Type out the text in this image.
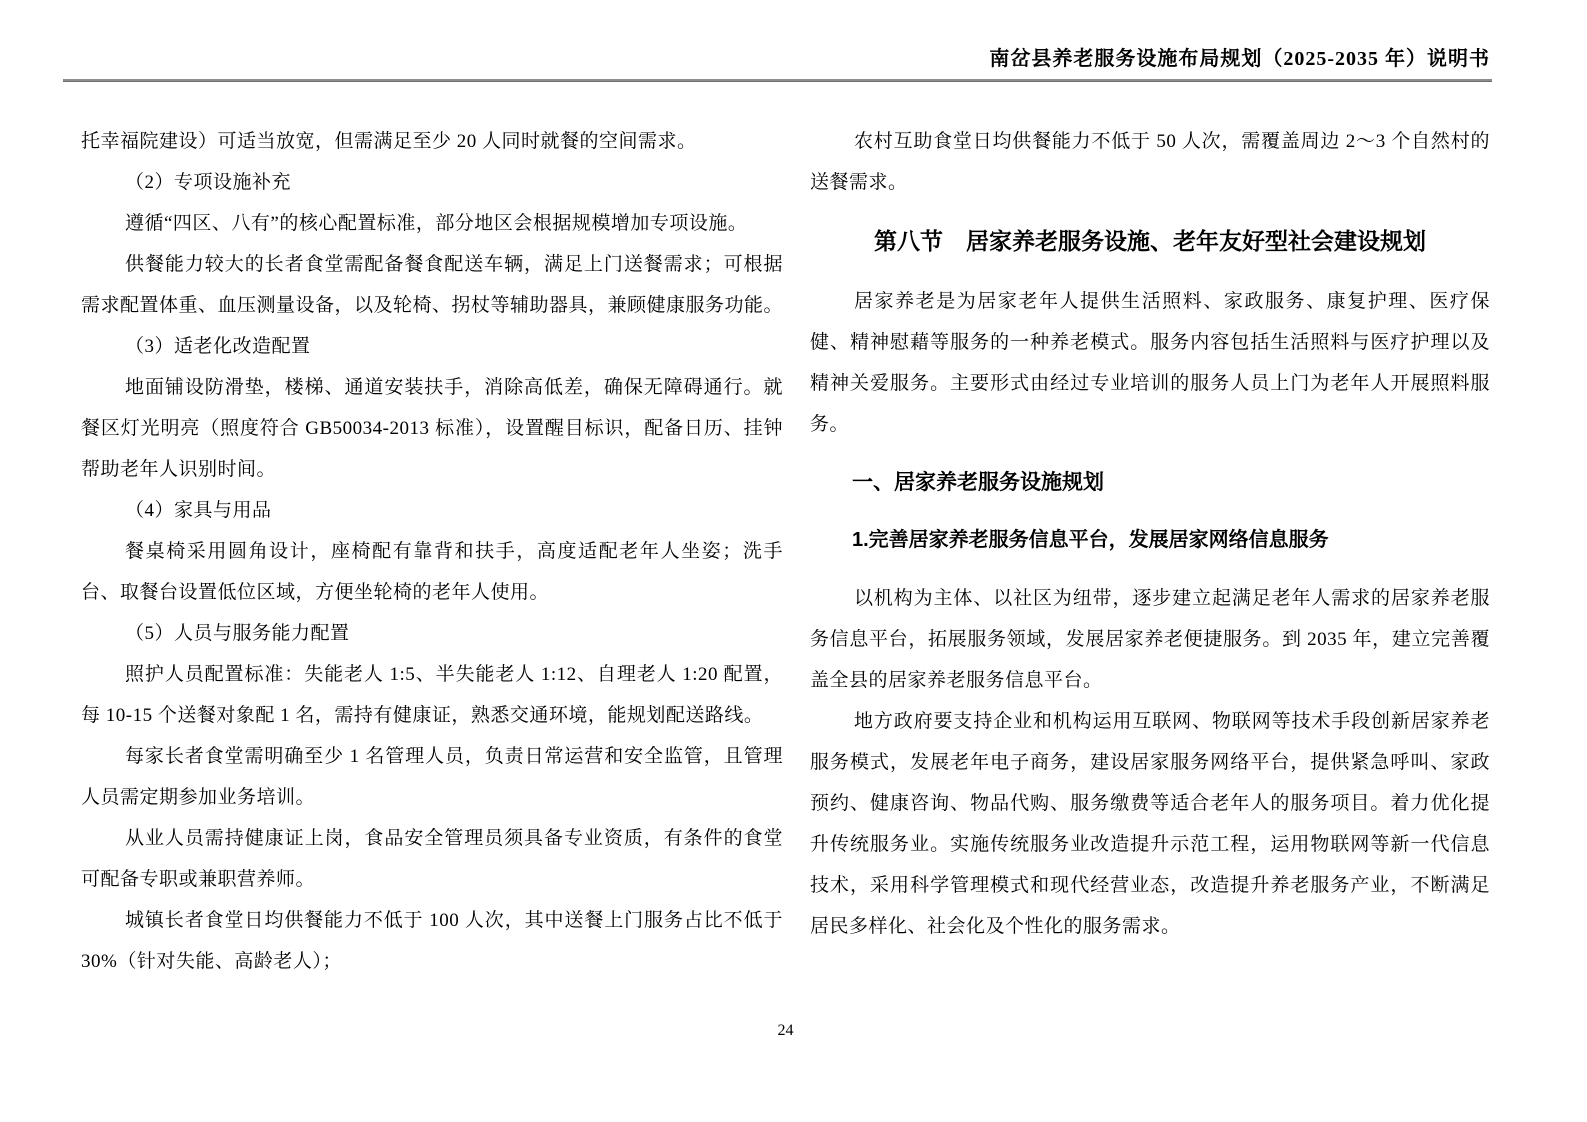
南岔县养老服务设施布局规划（2025-2035 年）说明书

托幸福院建设）可适当放宽，但需满足至少 20 人同时就餐的空间需求。

（2）专项设施补充

遵循“四区、八有”的核心配置标准，部分地区会根据规模增加专项设施。

供餐能力较大的长者食堂需配备餐食配送车辆，满足上门送餐需求；可根据需求配置体重、血压测量设备，以及轮椅、拐杖等辅助器具，兼顾健康服务功能。

（3）适老化改造配置

地面铺设防滑垫，楼梯、通道安装扶手，消除高低差，确保无障碍通行。就餐区灯光明亮（照度符合 GB50034-2013 标准），设置醒目标识，配备日历、挂钟帮助老年人识别时间。

（4）家具与用品

餐桌椅采用圆角设计，座椅配有靠背和扶手，高度适配老年人坐姿；洗手台、取餐台设置低位区域，方便坐轮椅的老年人使用。

（5）人员与服务能力配置

照护人员配置标准：失能老人 1:5、半失能老人 1:12、自理老人 1:20 配置，每 10-15 个送餐对象配 1 名，需持有健康证，熟悉交通环境，能规划配送路线。

每家长者食堂需明确至少 1 名管理人员，负责日常运营和安全监管，且管理人员需定期参加业务培训。

从业人员需持健康证上岗，食品安全管理员须具备专业资质，有条件的食堂可配备专职或兼职营养师。

城镇长者食堂日均供餐能力不低于 100 人次，其中送餐上门服务占比不低于 30%（针对失能、高龄老人）；

农村互助食堂日均供餐能力不低于 50 人次，需覆盖周边 2～3 个自然村的送餐需求。

第八节　居家养老服务设施、老年友好型社会建设规划

居家养老是为居家老年人提供生活照料、家政服务、康复护理、医疗保健、精神慰藉等服务的一种养老模式。服务内容包括生活照料与医疗护理以及精神关爱服务。主要形式由经过专业培训的服务人员上门为老年人开展照料服务。

一、居家养老服务设施规划
1.完善居家养老服务信息平台，发展居家网络信息服务

以机构为主体、以社区为纽带，逐步建立起满足老年人需求的居家养老服务信息平台，拓展服务领域，发展居家养老便捷服务。到 2035 年，建立完善覆盖全县的居家养老服务信息平台。

地方政府要支持企业和机构运用互联网、物联网等技术手段创新居家养老服务模式，发展老年电子商务，建设居家服务网络平台，提供紧急呼叫、家政预约、健康咨询、物品代购、服务缴费等适合老年人的服务项目。着力优化提升传统服务业。实施传统服务业改造提升示范工程，运用物联网等新一代信息技术，采用科学管理模式和现代经营业态，改造提升养老服务产业，不断满足居民多样化、社会化及个性化的服务需求。

24
